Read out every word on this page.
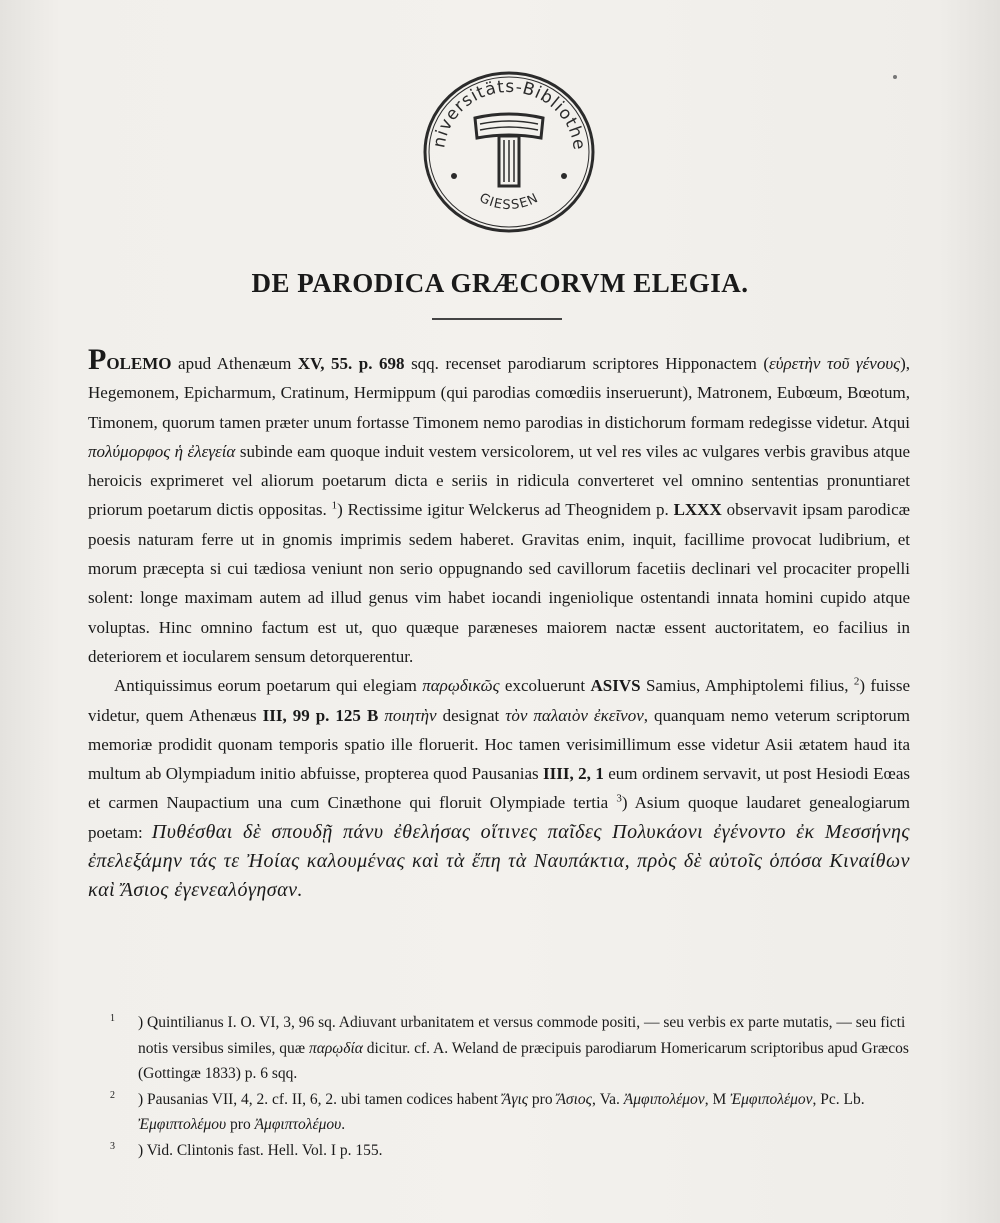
niversitäts-Bibliothe
GIESSEN
DE PARODICA GRÆCORVM ELEGIA.

POLEMO apud Athenæum XV, 55. p. 698 sqq. recenset parodiarum scriptores Hipponactem (εὑρετὴν τοῦ γένους), Hegemonem, Epicharmum, Cratinum, Hermippum (qui parodias comœdiis inseruerunt), Matronem, Eubœum, Bœotum, Timonem, quorum tamen præter unum fortasse Timonem nemo parodias in distichorum formam redegisse videtur. Atqui πολύμορφος ἡ ἐλεγεία subinde eam quoque induit vestem versicolorem, ut vel res viles ac vulgares verbis gravibus atque heroicis exprimeret vel aliorum poetarum dicta e seriis in ridicula converteret vel omnino sententias pronuntiaret priorum poetarum dictis oppositas. $^1$) Rectissime igitur Welckerus ad Theognidem p. LXXX observavit ipsam parodicæ poesis naturam ferre ut in gnomis imprimis sedem haberet. Gravitas enim, inquit, facillime provocat ludibrium, et morum præcepta si cui tædiosa veniunt non serio oppugnando sed cavillorum facetiis declinari vel procaciter propelli solent: longe maximam autem ad illud genus vim habet iocandi ingeniolique ostentandi innata homini cupido atque voluptas. Hinc omnino factum est ut, quo quæque paræneses maiorem nactæ essent auctoritatem, eo facilius in deteriorem et iocularem sensum detorquerentur.

Antiquissimus eorum poetarum qui elegiam παρῳδικῶς excoluerunt ASIVS Samius, Amphiptolemi filius, $^2$) fuisse videtur, quem Athenæus III, 99 p. 125 B ποιητὴν designat τὸν παλαιὸν ἐκεῖνον, quanquam nemo veterum scriptorum memoriæ prodidit quonam temporis spatio ille floruerit. Hoc tamen verisimillimum esse videtur Asii ætatem haud ita multum ab Olympiadum initio abfuisse, propterea quod Pausanias IIII, 2, 1 eum ordinem servavit, ut post Hesiodi Eœas et carmen Naupactium una cum Cinæthone qui floruit Olympiade tertia $^3$) Asium quoque laudaret genealogiarum poetam: Πυθέσθαι δὲ σπουδῇ πάνυ ἐθελήσας οἵτινες παῖδες Πολυκάονι ἐγένοντο ἐκ Μεσσήνης ἐπελεξάμην τάς τε Ἠοίας καλουμένας καὶ τὰ ἔπη τὰ Ναυπάκτια, πρὸς δὲ αὐτοῖς ὁπόσα Κιναίθων καὶ Ἄσιος ἐγενεαλόγησαν.

$^1$ ) Quintilianus I. O. VI, 3, 96 sq. Adiuvant urbanitatem et versus commode positi, — seu verbis ex parte mutatis, — seu ficti notis versibus similes, quæ παρῳδία dicitur. cf. A. Weland de præcipuis parodiarum Homericarum scriptoribus apud Græcos (Gottingæ 1833) p. 6 sqq.

$^2$ ) Pausanias VII, 4, 2. cf. II, 6, 2. ubi tamen codices habent Ἄγις pro Ἄσιος, Va. Ἀμφιπολέμον, M Ἐμφιπολέμον, Pc. Lb. Ἐμφιπτολέμου pro Ἀμφιπτολέμου.

$^3$ ) Vid. Clintonis fast. Hell. Vol. I p. 155.
